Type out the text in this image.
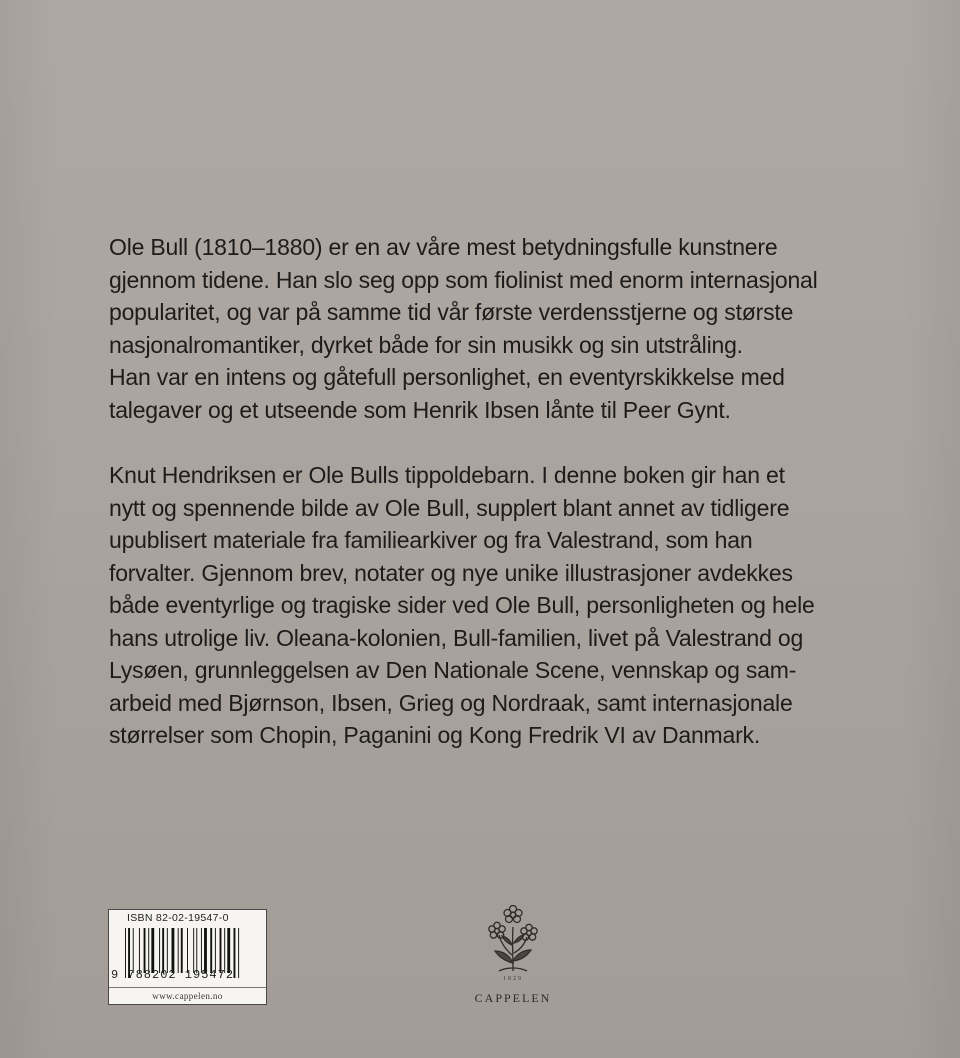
Ole Bull (1810–1880) er en av våre mest betydningsfulle kunstnere
gjennom tidene. Han slo seg opp som fiolinist med enorm internasjonal
popularitet, og var på samme tid vår første verdensstjerne og største
nasjonalromantiker, dyrket både for sin musikk og sin utstråling.
Han var en intens og gåtefull personlighet, en eventyrskikkelse med
talegaver og et utseende som Henrik Ibsen lånte til Peer Gynt.

Knut Hendriksen er Ole Bulls tippoldebarn. I denne boken gir han et
nytt og spennende bilde av Ole Bull, supplert blant annet av tidligere
upublisert materiale fra familiearkiver og fra Valestrand, som han
forvalter. Gjennom brev, notater og nye unike illustrasjoner avdekkes
både eventyrlige og tragiske sider ved Ole Bull, personligheten og hele
hans utrolige liv. Oleana-kolonien, Bull-familien, livet på Valestrand og
Lysøen, grunnleggelsen av Den Nationale Scene, vennskap og sam-
arbeid med Bjørnson, Ibsen, Grieg og Nordraak, samt internasjonale
størrelser som Chopin, Paganini og Kong Fredrik VI av Danmark.

ISBN 82-02-19547-0
9 788202 195472
www.cappelen.no
1829
CAPPELEN
